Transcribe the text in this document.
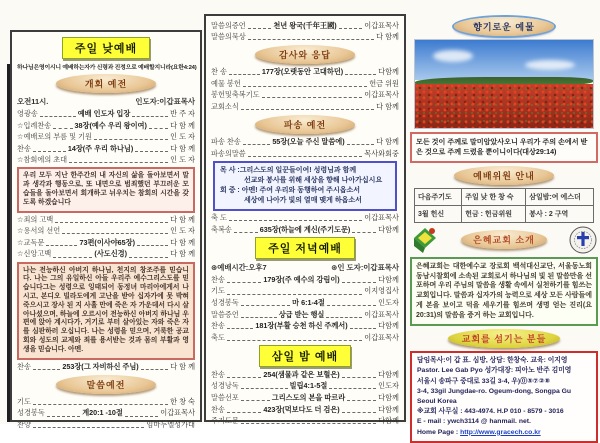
주일 낮예배
하나님은영이시니 예배하는자가 신령과 진정으로 예배할지니라(요한4:24)
개회 예전
오전11시.	인도자:이갑표목사
영광송	예배 인도자 입장	반 주 자
☆입례찬송	38장(예수 우리 왕이여)	다 함 께
☆예배로의 부름 및 기원	인 도 자
찬송	14장(주 우리 하나님)	다 함 께
☆참회에의 초대	인 도 자
우리 모두 지난 한주간의 내 자신의 삶을 돌아보면서 말과 생각과 행동으로, 또 내면으로 범죄했던 부끄러운 모습들을 돌아보면서 회개하고 뉘우치는 참회의 시간을 갖도록 하겠습니다
☆죄의 고백	다 함 께
☆용서의 선언	인 도 자
☆교독문	73편(이사야65장)	다 함 께
☆신앙고백	(사도신경)	다 함 께
나는 전능하신 아버지 하나님, 천지의 창조주를 믿습니다. 나는 그의 유일하신 아들 우리주 예수그리스도를 믿습니다그는 성령으로 잉태되어 동정녀 마리아에게서 나시고, 본디오 빌라도에게 고난을 받아 십자가에 못 박혀 죽으시고 장사 된 지 사흘 만에 죽은 자 가운데서 다시 살아나셨으며, 하늘에 오르시어 전능하신 아버지 하나님 우편에 앉아 계시다가, 거기로 부터 살아있는 자와 죽은 자를 심판하러 오십니다. 나는 성령을 믿으며, 거룩한 공교회와 성도의 교제와 죄를 용서받는 것과 몸의 부활과 영생을 믿습니다. 아멘.
찬송	253장(그 자비하신 주님)	다 함 께
말씀예전
기도	한 창 숙
성경봉독	계20:1 -10절	이갑표목사
찬양	임마누엘성가대
말씀의증언	천년 왕국(千年王國)	이갑표목사
말씀의묵상	다 함께
감사와 응답
찬 송	177장(오랫동안 고대하던)	다함께
예물 봉헌	헌금 위원
봉헌및축복기도	이갑표목사
교회소식	다 함께
파송 예전
파송 찬송	55장(오늘 주신 말씀에)	다 함께
파송의말씀	목사와회중
목 사 :그리스도의 일꾼들이여! 성령님과 함께
선교와 봉사를 위해 세상을 향해 나아가십시요
회 중 : 아멘! 주여 우리와 동행하여 주시옵소서
세상에 나아가 빛의 열매 맺게 하옵소서
축 도	이갑표목사
축복송	635장(하늘에 계신(주기도문)	다함께
주일 저녁예배
⊛예배시간:오후7	⊛인 도자:이갑표목사
찬송	179장(주 예수의 강림이)	다함께
기도	이지영집사
성경봉독	마 6:1-4절	인도자
말씀증언	상급 받는 행실	이갑표목사
찬송	181장(부활 승천 하신 주께서)	다함께
축도	이갑표목사
삼일 밤 예배
찬송	254(샘물과 같은 보혈은)	다함께
성경낭독	빌립4:1-5절	인도자
말씀선포	그리스도의 본을 따르라	다함께
찬송	423장(먹보다도 더 검은)	다함께
주기도문	다함께
향기로운 예물
모든 것이 주께로 말미암았사오니 우리가 주의 손에서 받은 것으로 주께 드렸을 뿐이니이다(대상29:14)
예배위원 안내
다음주기도	주일 낮 한 창 숙	삼일밤:여 에스더
3월 헌신	헌금 : 헌금위원	봉사 : 2 구역
은혜교회 소개
은혜교회는 대한예수교 장로회 백석대신교단, 서울동노회 동남시찰회에 소속된 교회로서 하나님의 빛 된 말씀만을 선포하며 우리 주님의 말씀을 생활 속에서 실천하기를 힘쓰는 교회입니다. 말씀과 십자가의 능력으로 세상 모든 사람들에게 본을 보이고 덕을 세우기를 힘쓰며 생명 얻는 진리(요20:31)의 말씀을 증거 하는 교회입니다.
교회를 섬기는 분들
담임목사:이 갑 표. 심방, 상담: 한창숙. 교육: 이지영
Pastor. Lee Gab Pyo 성가대장: 피아노 반주 김미영
서울시 송파구 중대로 33길 3-4, 우)⓪⑤⑦②⑧
3-4, 33gil Jungdae-ro. Ogeum-dong, Songpa Gu Seoul Korea
※교회 사무실 : 443-4974. H.P 010 - 8579 - 3016
E - mail : ywch3114 @ hanmail. net.
Home Page : http://www.gracech.co.kr
